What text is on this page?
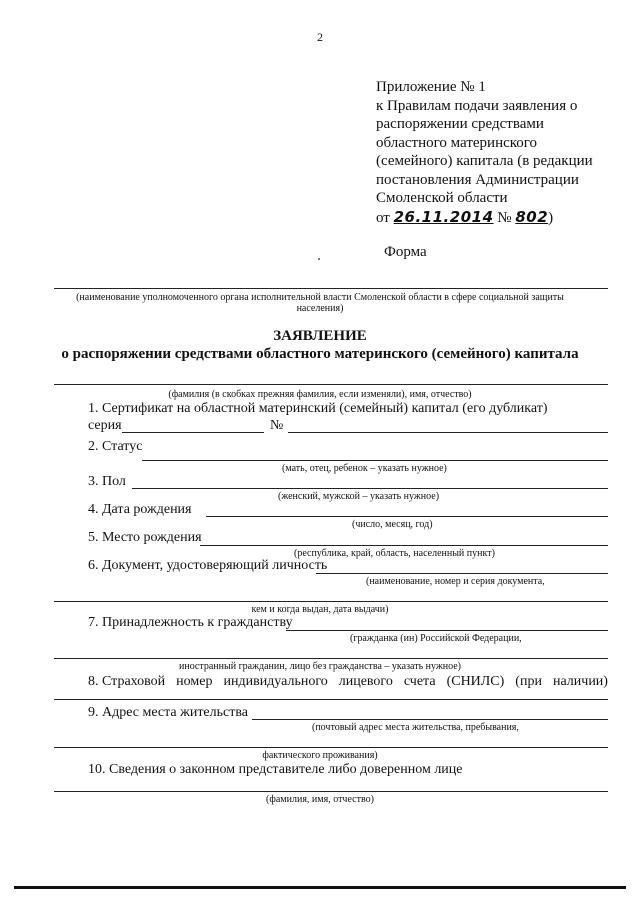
2
Приложение № 1
к Правилам подачи заявления о
распоряжении средствами
областного материнского
(семейного) капитала (в редакции
постановления Администрации
Смоленской области
от 26.11.2014 № 802)
Форма
(наименование уполномоченного органа исполнительной власти Смоленской области в сфере социальной защиты
населения)
ЗАЯВЛЕНИЕ
о распоряжении средствами областного материнского (семейного) капитала
(фамилия (в скобках прежняя фамилия, если изменяли), имя, отчество)
1. Сертификат на областной материнский (семейный) капитал (его дубликат)
серия	№
2. Статус
(мать, отец, ребенок – указать нужное)
3. Пол
(женский, мужской – указать нужное)
4. Дата рождения
(число, месяц, год)
5. Место рождения
(республика, край, область, населенный пункт)
6. Документ, удостоверяющий личность
(наименование, номер и серия документа,
кем и когда выдан, дата выдачи)
7. Принадлежность к гражданству
(гражданка (ин) Российской Федерации,
иностранный гражданин, лицо без гражданства – указать нужное)
8. Страховой номер индивидуального лицевого счета (СНИЛС) (при наличии)
9. Адрес места жительства
(почтовый адрес места жительства, пребывания,
фактического проживания)
10. Сведения о законном представителе либо доверенном лице
(фамилия, имя, отчество)
